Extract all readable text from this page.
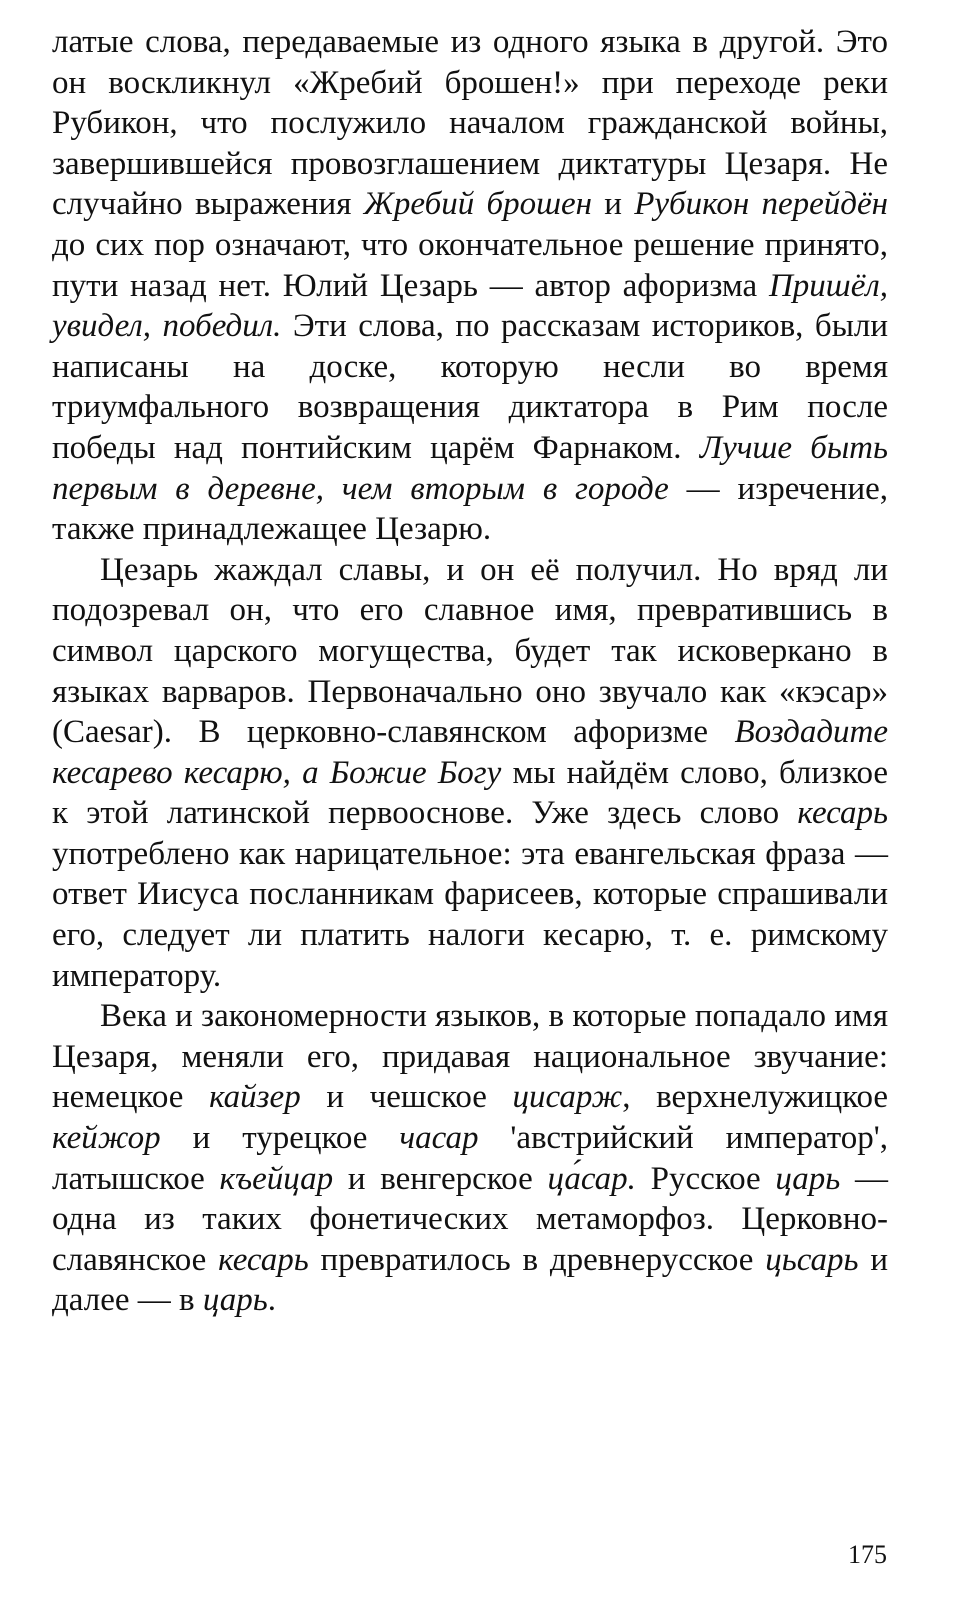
латые слова, передаваемые из одного языка в другой. Это он воскликнул «Жребий брошен!» при переходе реки Рубикон, что послужило началом гражданской войны, завершившейся провозглашением диктатуры Цезаря. Не случайно выражения Жребий брошен и Рубикон перейдён до сих пор означают, что окончательное решение принято, пути назад нет. Юлий Цезарь — автор афоризма Пришёл, увидел, победил. Эти слова, по рассказам историков, были написаны на доске, которую несли во время триумфального возвращения диктатора в Рим после победы над понтийским царём Фарнаком. Лучше быть первым в деревне, чем вторым в городе — изречение, также принадлежащее Цезарю.

Цезарь жаждал славы, и он её получил. Но вряд ли подозревал он, что его славное имя, превратившись в символ царского могущества, будет так исковеркано в языках варваров. Первоначально оно звучало как «кэсар» (Caesar). В церковно-славянском афоризме Воздадите кесарево кесарю, а Божие Богу мы найдём слово, близкое к этой латинской первооснове. Уже здесь слово кесарь употреблено как нарицательное: эта евангельская фраза — ответ Иисуса посланникам фарисеев, которые спрашивали его, следует ли платить налоги кесарю, т. е. римскому императору.

Века и закономерности языков, в которые попадало имя Цезаря, меняли его, придавая национальное звучание: немецкое кайзер и чешское цисарж, верхнелужицкое кейжор и турецкое часар 'австрийский император', латышское къейцар и венгерское ца́сар. Русское царь — одна из таких фонетических метаморфоз. Церковно-славянское кесарь превратилось в древнерусское цьсарь и далее — в царь.

175
